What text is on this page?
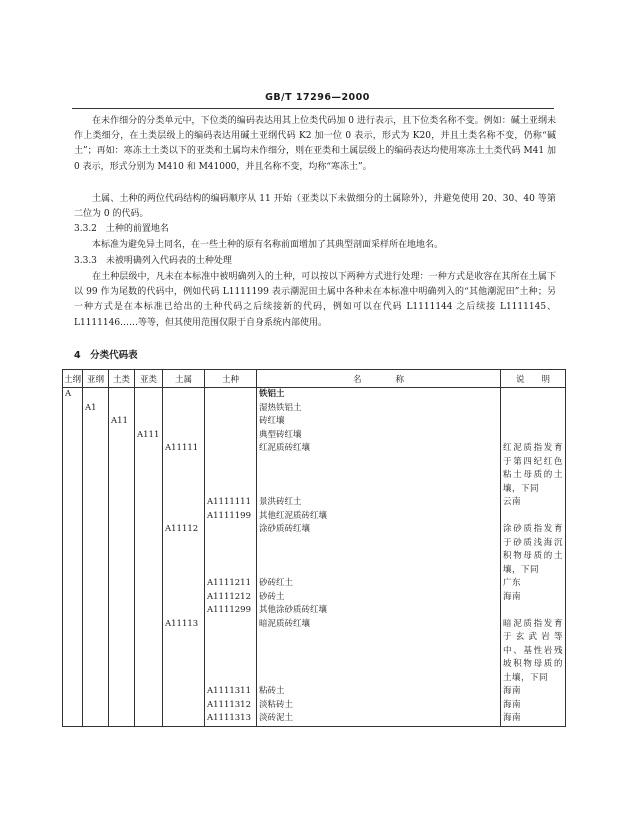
GB/T 17296—2000

在未作细分的分类单元中，下位类的编码表达用其上位类代码加 0 进行表示，且下位类名称不变。例如：碱土亚纲未作上类细分，在土类层级上的编码表达用碱土亚纲代码 K2 加一位 0 表示，形式为 K20，并且土类名称不变，仍称“碱土”；再如：寒冻土土类以下的亚类和土属均未作细分，则在亚类和土属层级上的编码表达均使用寒冻土土类代码 M41 加 0 表示，形式分别为 M410 和 M41000，并且名称不变，均称“寒冻土”。

土属、土种的两位代码结构的编码顺序从 11 开始（亚类以下未做细分的土属除外），并避免使用 20、30、40 等第二位为 0 的代码。

3.3.2　土种的前置地名

本标准为避免异土同名，在一些土种的原有名称前面增加了其典型剖面采样所在地地名。

3.3.3　未被明确列入代码表的土种处理

在土种层级中，凡未在本标准中被明确列入的土种，可以按以下两种方式进行处理：一种方式是收容在其所在土属下以 99 作为尾数的代码中，例如代码 L1111199 表示潮泥田土属中各种未在本标准中明确列入的“其他潮泥田”土种；另一种方式是在本标准已给出的土种代码之后续接新的代码，例如可以在代码 L1111144 之后续接 L1111145、L1111146……等等，但其使用范围仅限于自身系统内部使用。

4　分类代码表
土纲	亚纲	土类	亚类	土属	土种	名　　　　称	说　　明
A						铁铝土	
	A1					湿热铁铝土	
		A11				砖红壤	
			A111			典型砖红壤	
				A11111		红泥质砖红壤	红泥质指发育于第四纪红色粘土母质的土壤，下同
					A1111111	景洪砖红土	云南
					A1111199	其他红泥质砖红壤	
				A11112		涂砂质砖红壤	涂砂质指发育于砂质浅海沉积物母质的土壤，下同
					A1111211	砂砖红土	广东
					A1111212	砂砖土	海南
					A1111299	其他涂砂质砖红壤	
				A11113		暗泥质砖红壤	暗泥质指发育于玄武岩等中、基性岩残坡积物母质的土壤，下同
					A1111311	粘砖土	海南
					A1111312	淡粘砖土	海南
					A1111313	淡砖泥土	海南
